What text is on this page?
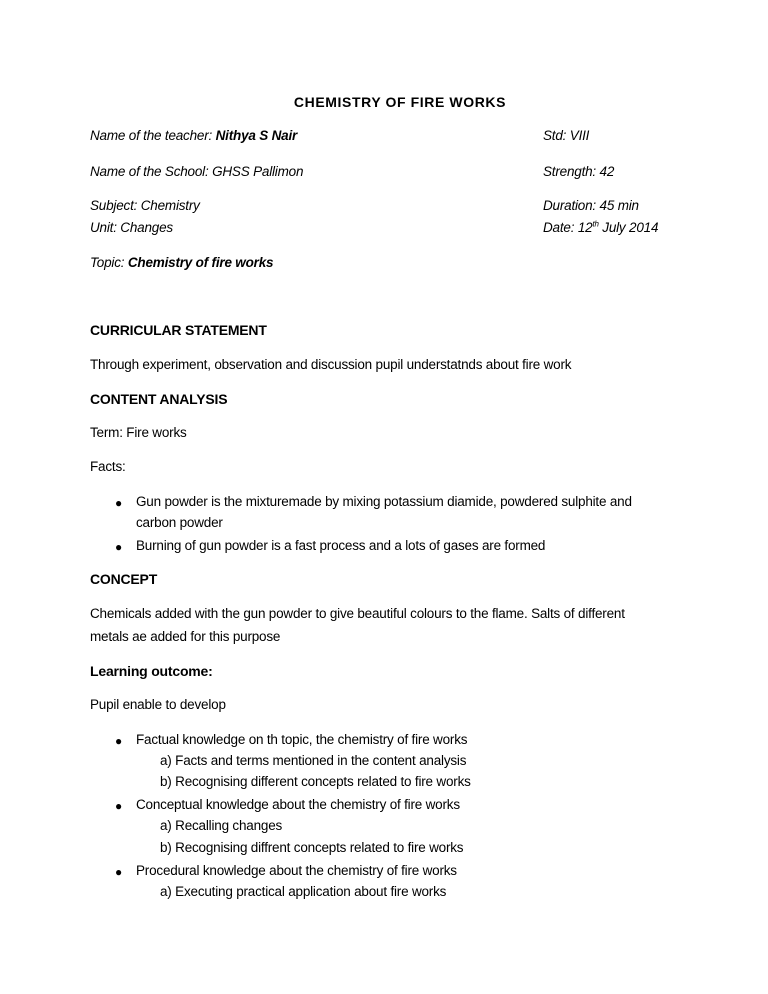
CHEMISTRY OF FIRE WORKS
Name of the teacher: Nithya S Nair	Std: VIII
Name of the School: GHSS Pallimon	Strength: 42
Subject: Chemistry	Duration: 45 min
Unit: Changes	Date: 12th July 2014
Topic: Chemistry of fire works
CURRICULAR STATEMENT
Through experiment, observation and discussion pupil understatnds about fire work
CONTENT ANALYSIS
Term: Fire works
Facts:
● Gun powder is the mixturemade by mixing potassium diamide, powdered sulphite and
carbon powder
● Burning of gun powder is a fast process and a lots of gases are formed
CONCEPT
Chemicals added with the gun powder to give beautiful colours to the flame. Salts of different
metals ae added for this purpose
Learning outcome:
Pupil enable to develop
● Factual knowledge on th topic, the chemistry of fire works
a) Facts and terms mentioned in the content analysis
b) Recognising different concepts related to fire works
● Conceptual knowledge about the chemistry of fire works
a) Recalling changes
b) Recognising diffrent concepts related to fire works
● Procedural knowledge about the chemistry of fire works
a) Executing practical application about fire works
